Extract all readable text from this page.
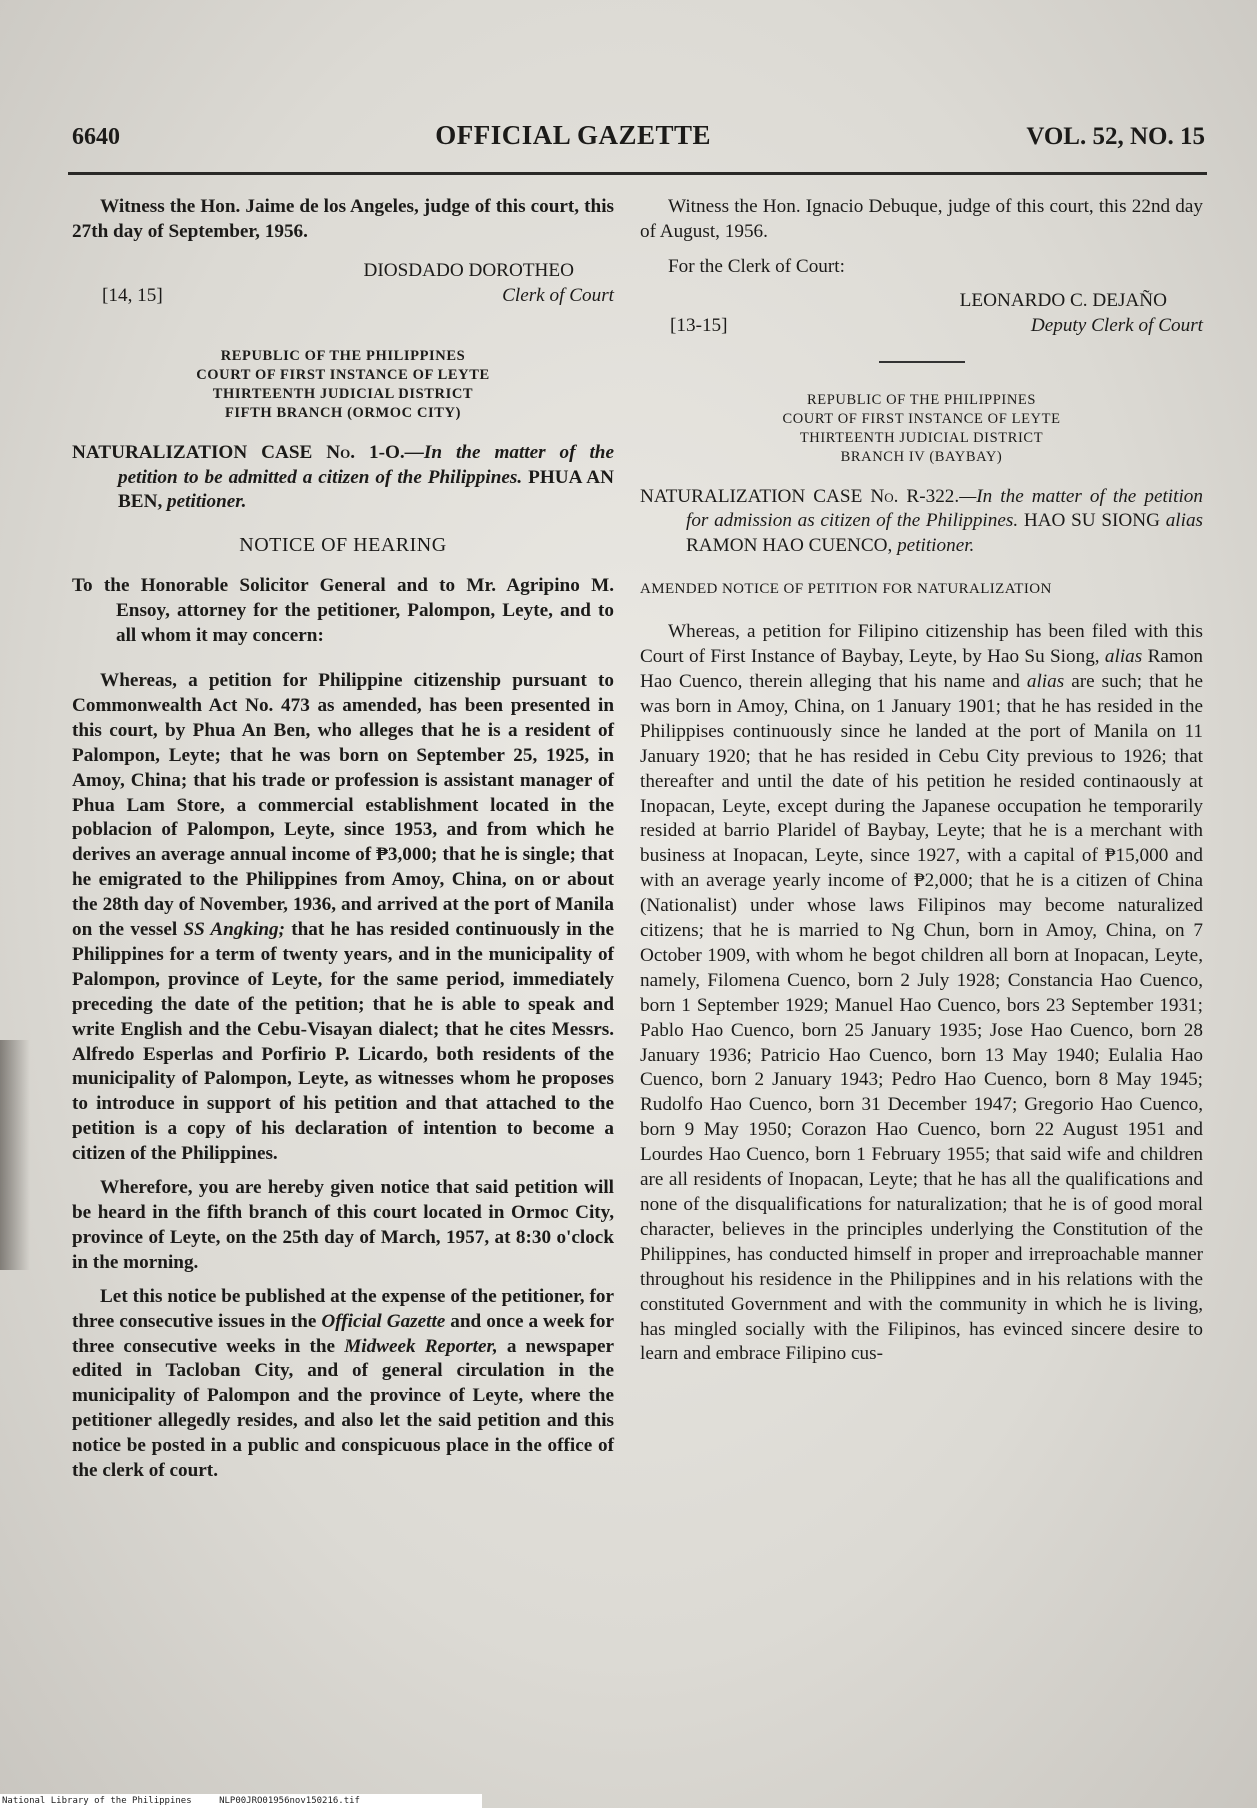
6640	OFFICIAL GAZETTE	VOL. 52, NO. 15

Witness the Hon. Jaime de los Angeles, judge of this court, this 27th day of September, 1956.

[14, 15]
DIOSDADO DOROTHEO
Clerk of Court
REPUBLIC OF THE PHILIPPINES
COURT OF FIRST INSTANCE OF LEYTE
THIRTEENTH JUDICIAL DISTRICT
FIFTH BRANCH (ORMOC CITY)
NATURALIZATION CASE No. 1-O.—In the matter of the petition to be admitted a citizen of the Philippines. PHUA AN BEN, petitioner.
NOTICE OF HEARING
To the Honorable Solicitor General and to Mr. Agripino M. Ensoy, attorney for the petitioner, Palompon, Leyte, and to all whom it may concern:

Whereas, a petition for Philippine citizenship pursuant to Commonwealth Act No. 473 as amended, has been presented in this court, by Phua An Ben, who alleges that he is a resident of Palompon, Leyte; that he was born on September 25, 1925, in Amoy, China; that his trade or profession is assistant manager of Phua Lam Store, a commercial establishment located in the poblacion of Palompon, Leyte, since 1953, and from which he derives an average annual income of ₱3,000; that he is single; that he emigrated to the Philippines from Amoy, China, on or about the 28th day of November, 1936, and arrived at the port of Manila on the vessel SS Angking; that he has resided continuously in the Philippines for a term of twenty years, and in the municipality of Palompon, province of Leyte, for the same period, immediately preceding the date of the petition; that he is able to speak and write English and the Cebu-Visayan dialect; that he cites Messrs. Alfredo Esperlas and Porfirio P. Licardo, both residents of the municipality of Palompon, Leyte, as witnesses whom he proposes to introduce in support of his petition and that attached to the petition is a copy of his declaration of intention to become a citizen of the Philippines.

Wherefore, you are hereby given notice that said petition will be heard in the fifth branch of this court located in Ormoc City, province of Leyte, on the 25th day of March, 1957, at 8:30 o'clock in the morning.

Let this notice be published at the expense of the petitioner, for three consecutive issues in the Official Gazette and once a week for three consecutive weeks in the Midweek Reporter, a newspaper edited in Tacloban City, and of general circulation in the municipality of Palompon and the province of Leyte, where the petitioner allegedly resides, and also let the said petition and this notice be posted in a public and conspicuous place in the office of the clerk of court.

Witness the Hon. Ignacio Debuque, judge of this court, this 22nd day of August, 1956.

For the Clerk of Court:

[13-15]
LEONARDO C. DEJAÑO
Deputy Clerk of Court
REPUBLIC OF THE PHILIPPINES
COURT OF FIRST INSTANCE OF LEYTE
THIRTEENTH JUDICIAL DISTRICT
BRANCH IV (BAYBAY)
NATURALIZATION CASE No. R-322.—In the matter of the petition for admission as citizen of the Philippines. HAO SU SIONG alias RAMON HAO CUENCO, petitioner.
AMENDED NOTICE OF PETITION FOR NATURALIZATION

Whereas, a petition for Filipino citizenship has been filed with this Court of First Instance of Baybay, Leyte, by Hao Su Siong, alias Ramon Hao Cuenco, therein alleging that his name and alias are such; that he was born in Amoy, China, on 1 January 1901; that he has resided in the Philippises continuously since he landed at the port of Manila on 11 January 1920; that he has resided in Cebu City previous to 1926; that thereafter and until the date of his petition he resided continaously at Inopacan, Leyte, except during the Japanese occupation he temporarily resided at barrio Plaridel of Baybay, Leyte; that he is a merchant with business at Inopacan, Leyte, since 1927, with a capital of ₱15,000 and with an average yearly income of ₱2,000; that he is a citizen of China (Nationalist) under whose laws Filipinos may become naturalized citizens; that he is married to Ng Chun, born in Amoy, China, on 7 October 1909, with whom he begot children all born at Inopacan, Leyte, namely, Filomena Cuenco, born 2 July 1928; Constancia Hao Cuenco, born 1 September 1929; Manuel Hao Cuenco, bors 23 September 1931; Pablo Hao Cuenco, born 25 January 1935; Jose Hao Cuenco, born 28 January 1936; Patricio Hao Cuenco, born 13 May 1940; Eulalia Hao Cuenco, born 2 January 1943; Pedro Hao Cuenco, born 8 May 1945; Rudolfo Hao Cuenco, born 31 December 1947; Gregorio Hao Cuenco, born 9 May 1950; Corazon Hao Cuenco, born 22 August 1951 and Lourdes Hao Cuenco, born 1 February 1955; that said wife and children are all residents of Inopacan, Leyte; that he has all the qualifications and none of the disqualifications for naturalization; that he is of good moral character, believes in the principles underlying the Constitution of the Philippines, has conducted himself in proper and irreproachable manner throughout his residence in the Philippines and in his relations with the constituted Government and with the community in which he is living, has mingled socially with the Filipinos, has evinced sincere desire to learn and embrace Filipino cus-

National Library of the Philippines	NLP00JRO01956nov150216.tif
